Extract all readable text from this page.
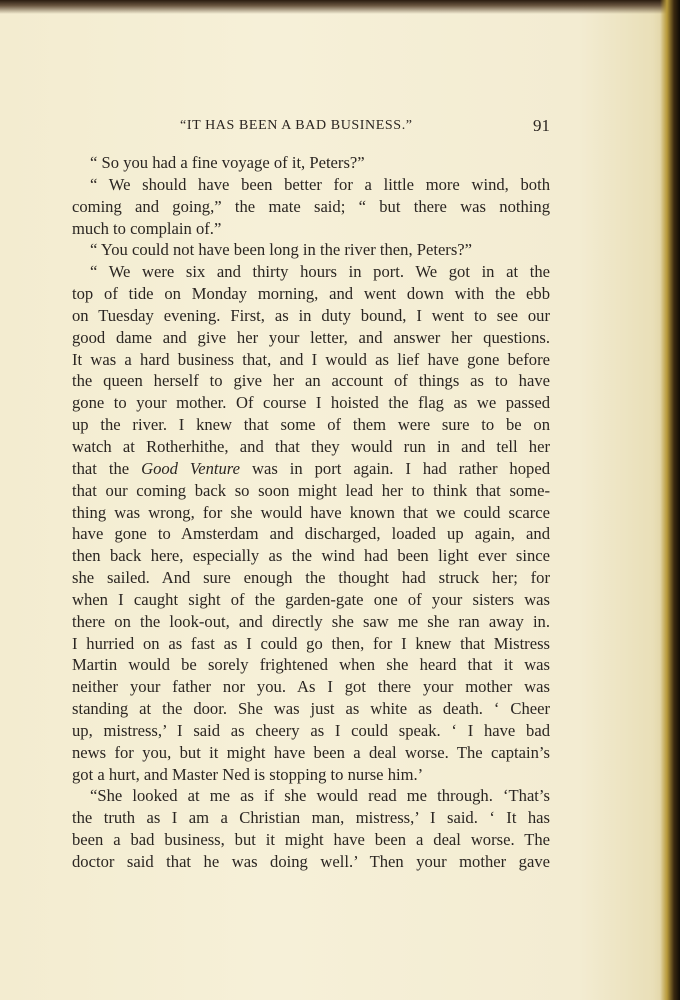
“IT HAS BEEN A BAD BUSINESS.”	91
“ So you had a fine voyage of it, Peters?”
“ We should have been better for a little more wind, both
coming and going,” the mate said; “ but there was nothing
much to complain of.”
“ You could not have been long in the river then, Peters?”
“ We were six and thirty hours in port. We got in at the
top of tide on Monday morning, and went down with the ebb
on Tuesday evening. First, as in duty bound, I went to see our
good dame and give her your letter, and answer her questions.
It was a hard business that, and I would as lief have gone before
the queen herself to give her an account of things as to have
gone to your mother. Of course I hoisted the flag as we passed
up the river. I knew that some of them were sure to be on
watch at Rotherhithe, and that they would run in and tell her
that the Good Venture was in port again. I had rather hoped
that our coming back so soon might lead her to think that some-
thing was wrong, for she would have known that we could scarce
have gone to Amsterdam and discharged, loaded up again, and
then back here, especially as the wind had been light ever since
she sailed. And sure enough the thought had struck her; for
when I caught sight of the garden-gate one of your sisters was
there on the look-out, and directly she saw me she ran away in.
I hurried on as fast as I could go then, for I knew that Mistress
Martin would be sorely frightened when she heard that it was
neither your father nor you. As I got there your mother was
standing at the door. She was just as white as death. ‘ Cheer
up, mistress,’ I said as cheery as I could speak. ‘ I have bad
news for you, but it might have been a deal worse. The captain’s
got a hurt, and Master Ned is stopping to nurse him.’
“She looked at me as if she would read me through. ‘That’s
the truth as I am a Christian man, mistress,’ I said. ‘ It has
been a bad business, but it might have been a deal worse. The
doctor said that he was doing well.’ Then your mother gave
